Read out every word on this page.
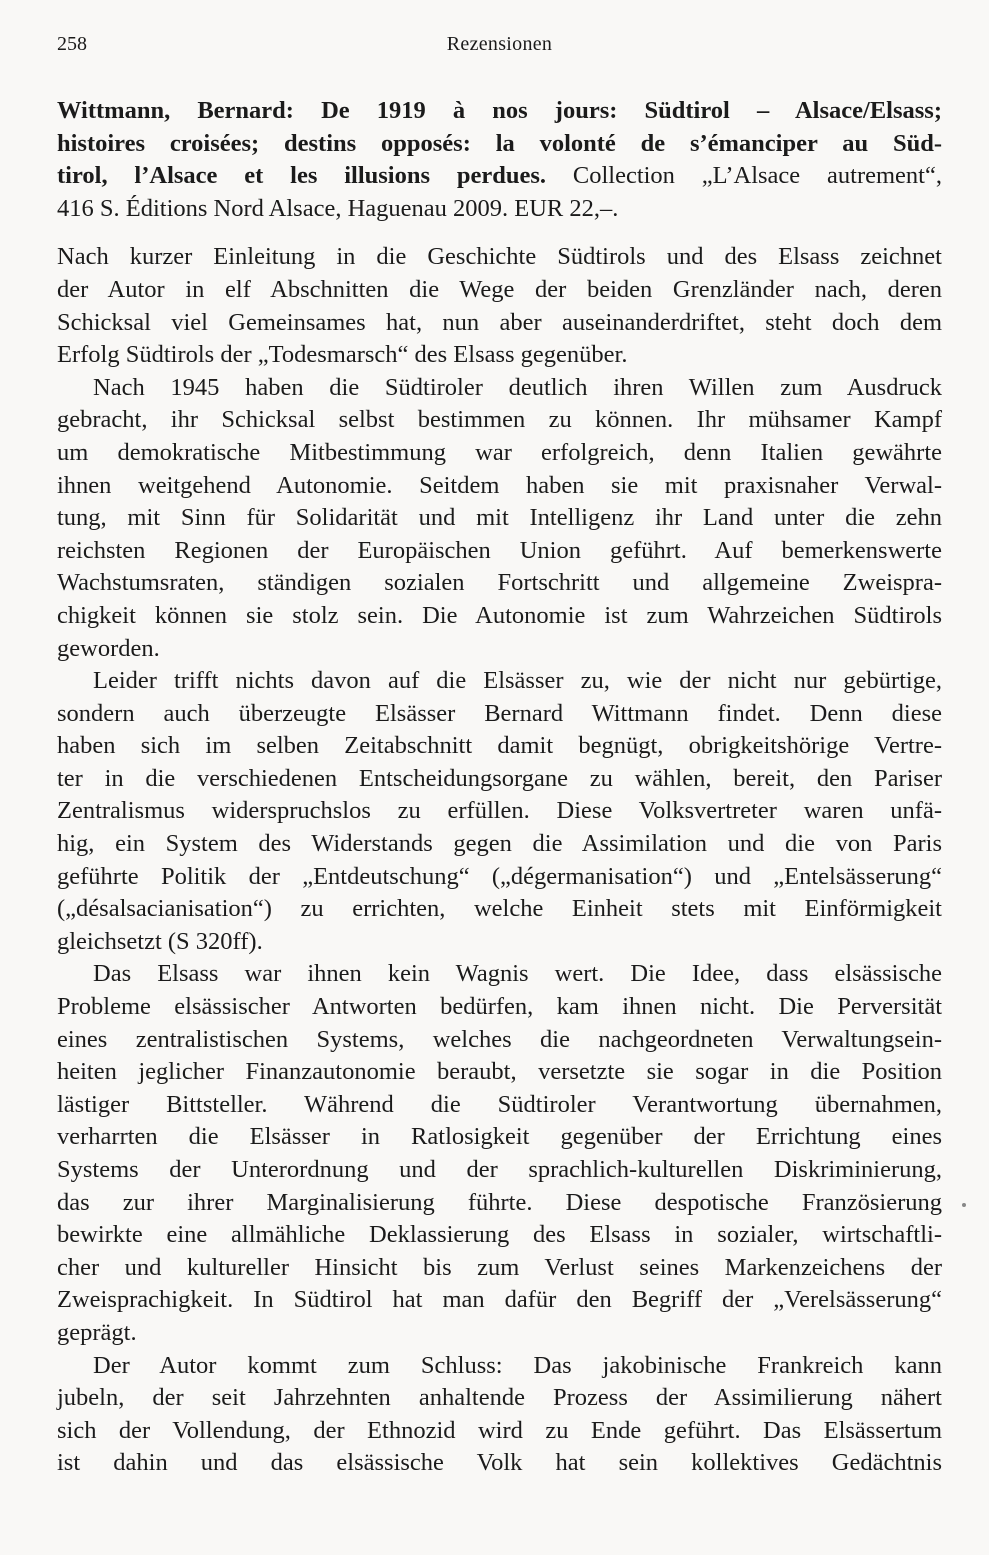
258	Rezensionen

Wittmann, Bernard: De 1919 à nos jours: Südtirol – Alsace/Elsass;

histoires croisées; destins opposés: la volonté de s’émanciper au Süd-

tirol, l’Alsace et les illusions perdues. Collection „L’Alsace autrement“,

416 S. Éditions Nord Alsace, Haguenau 2009. EUR 22,–.

Nach kurzer Einleitung in die Geschichte Südtirols und des Elsass zeichnet

der Autor in elf Abschnitten die Wege der beiden Grenzländer nach, deren

Schicksal viel Gemeinsames hat, nun aber auseinanderdriftet, steht doch dem

Erfolg Südtirols der „Todesmarsch“ des Elsass gegenüber.

Nach 1945 haben die Südtiroler deutlich ihren Willen zum Ausdruck

gebracht, ihr Schicksal selbst bestimmen zu können. Ihr mühsamer Kampf

um demokratische Mitbestimmung war erfolgreich, denn Italien gewährte

ihnen weitgehend Autonomie. Seitdem haben sie mit praxisnaher Verwal-

tung, mit Sinn für Solidarität und mit Intelligenz ihr Land unter die zehn

reichsten Regionen der Europäischen Union geführt. Auf bemerkenswerte

Wachstumsraten, ständigen sozialen Fortschritt und allgemeine Zweispra-

chigkeit können sie stolz sein. Die Autonomie ist zum Wahrzeichen Südtirols

geworden.

Leider trifft nichts davon auf die Elsässer zu, wie der nicht nur gebürtige,

sondern auch überzeugte Elsässer Bernard Wittmann findet. Denn diese

haben sich im selben Zeitabschnitt damit begnügt, obrigkeitshörige Vertre-

ter in die verschiedenen Entscheidungsorgane zu wählen, bereit, den Pariser

Zentralismus widerspruchslos zu erfüllen. Diese Volksvertreter waren unfä-

hig, ein System des Widerstands gegen die Assimilation und die von Paris

geführte Politik der „Entdeutschung“ („dégermanisation“) und „Entelsässerung“

(„désalsacianisation“) zu errichten, welche Einheit stets mit Einförmigkeit

gleichsetzt (S 320ff).

Das Elsass war ihnen kein Wagnis wert. Die Idee, dass elsässische

Probleme elsässischer Antworten bedürfen, kam ihnen nicht. Die Perversität

eines zentralistischen Systems, welches die nachgeordneten Verwaltungsein-

heiten jeglicher Finanzautonomie beraubt, versetzte sie sogar in die Position

lästiger Bittsteller. Während die Südtiroler Verantwortung übernahmen,

verharrten die Elsässer in Ratlosigkeit gegenüber der Errichtung eines

Systems der Unterordnung und der sprachlich-kulturellen Diskriminierung,

das zur ihrer Marginalisierung führte. Diese despotische Französierung

bewirkte eine allmähliche Deklassierung des Elsass in sozialer, wirtschaftli-

cher und kultureller Hinsicht bis zum Verlust seines Markenzeichens der

Zweisprachigkeit. In Südtirol hat man dafür den Begriff der „Verelsässerung“

geprägt.

Der Autor kommt zum Schluss: Das jakobinische Frankreich kann

jubeln, der seit Jahrzehnten anhaltende Prozess der Assimilierung nähert

sich der Vollendung, der Ethnozid wird zu Ende geführt. Das Elsässertum

ist dahin und das elsässische Volk hat sein kollektives Gedächtnis
